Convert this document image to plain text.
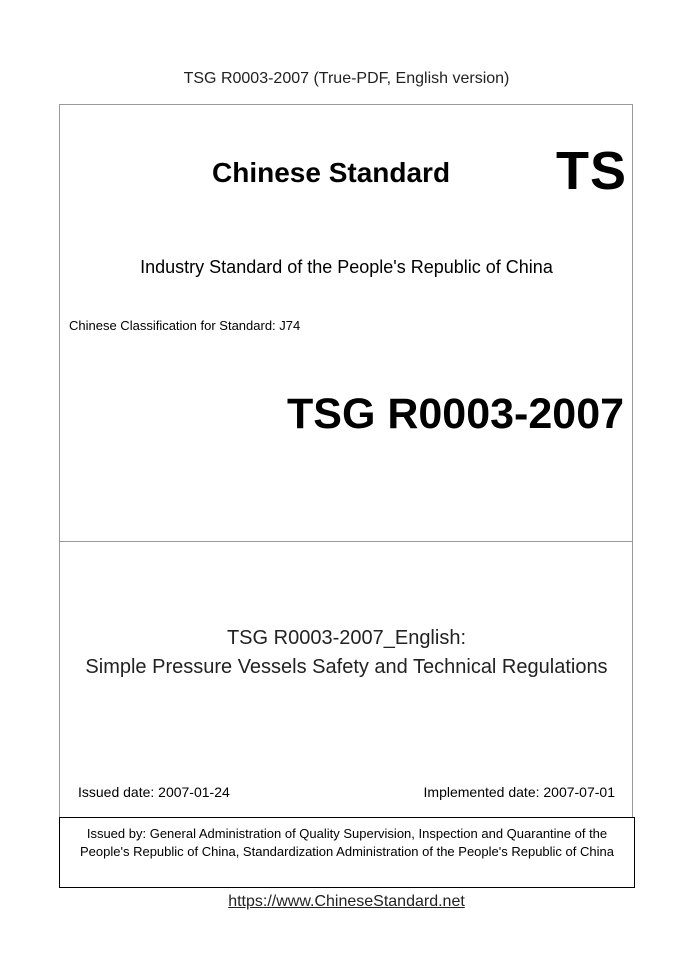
TSG R0003-2007 (True-PDF, English version)
Chinese Standard TS
Industry Standard of the People's Republic of China
Chinese Classification for Standard: J74
TSG R0003-2007
TSG R0003-2007_English:
Simple Pressure Vessels Safety and Technical Regulations
Issued date: 2007-01-24	Implemented date: 2007-07-01
Issued by: General Administration of Quality Supervision, Inspection and Quarantine of the People's Republic of China, Standardization Administration of the People's Republic of China
https://www.ChineseStandard.net
